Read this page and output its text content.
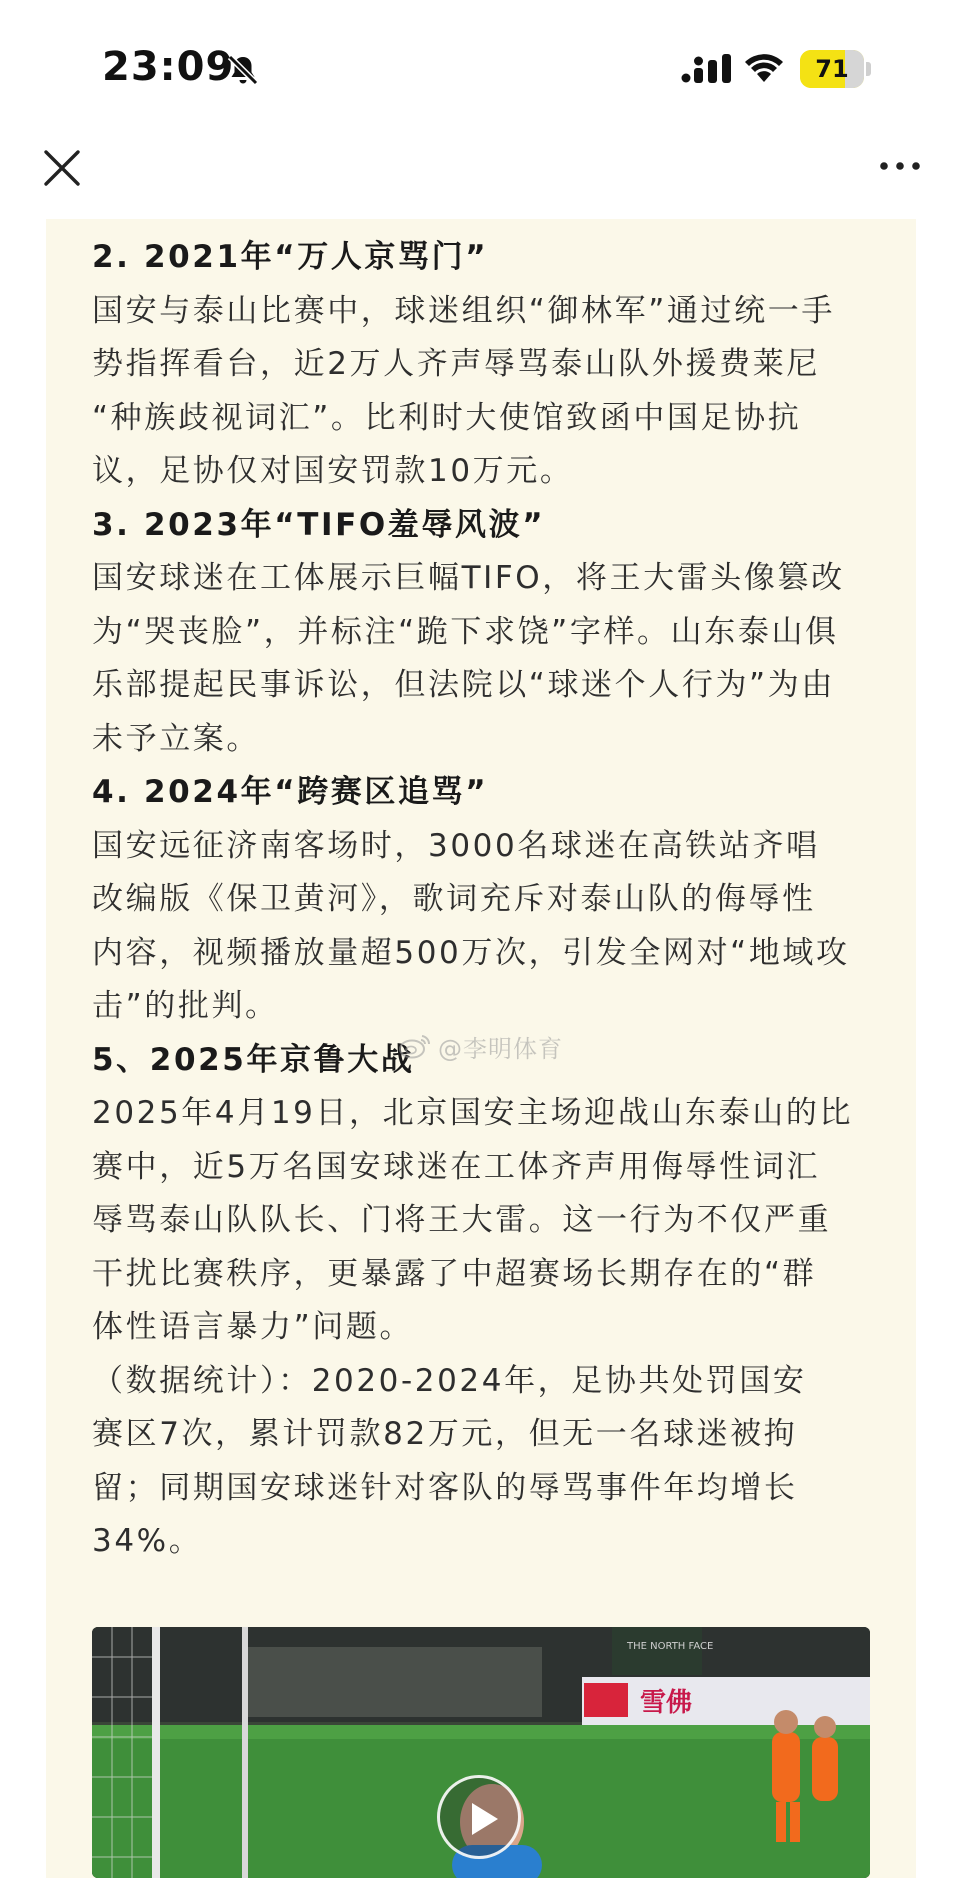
23:09	71

2. 2021年“万人京骂门”

国安与泰山比赛中，球迷组织“御林军”通过统一手

势指挥看台，近2万人齐声辱骂泰山队外援费莱尼

“种族歧视词汇”。比利时大使馆致函中国足协抗

议，足协仅对国安罚款10万元。

3. 2023年“TIFO羞辱风波”

国安球迷在工体展示巨幅TIFO，将王大雷头像篡改

为“哭丧脸”，并标注“跪下求饶”字样。山东泰山俱

乐部提起民事诉讼，但法院以“球迷个人行为”为由

未予立案。

4. 2024年“跨赛区追骂”

国安远征济南客场时，3000名球迷在高铁站齐唱

改编版《保卫黄河》，歌词充斥对泰山队的侮辱性

内容，视频播放量超500万次，引发全网对“地域攻

击”的批判。

5、2025年京鲁大战

2025年4月19日，北京国安主场迎战山东泰山的比

赛中，近5万名国安球迷在工体齐声用侮辱性词汇

辱骂泰山队队长、门将王大雷。这一行为不仅严重

干扰比赛秩序，更暴露了中超赛场长期存在的“群

体性语言暴力”问题。

（数据统计）：2020-2024年，足协共处罚国安

赛区7次，累计罚款82万元，但无一名球迷被拘

留；同期国安球迷针对客队的辱骂事件年均增长

34%。

@李明体育
雪佛
THE NORTH FACE
